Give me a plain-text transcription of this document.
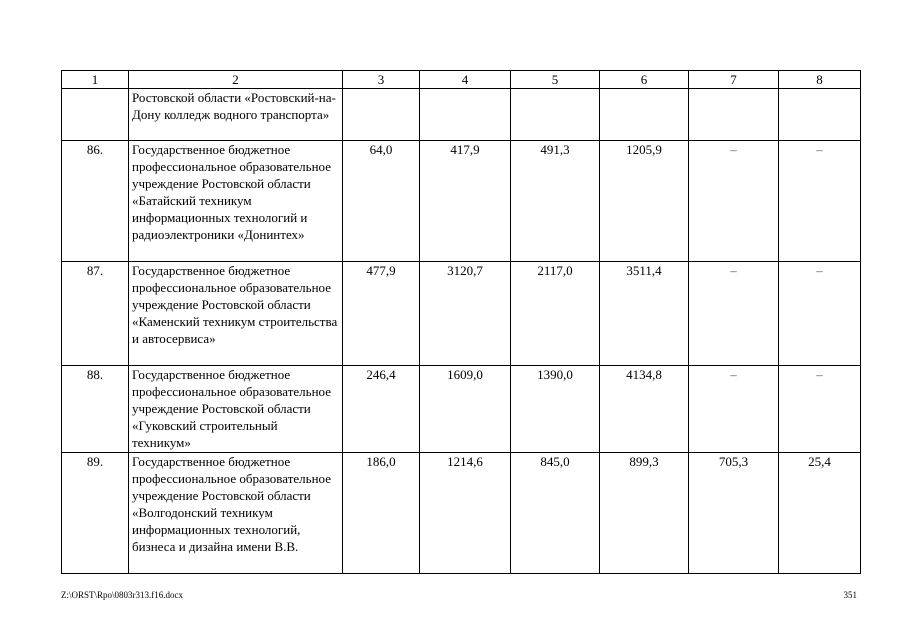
1	2	3	4	5	6	7	8
	Ростовской области «Ростовский-на-Дону колледж водного транспорта»						
86.	Государственное бюджетное профессиональное образовательное учреждение Ростовской области «Батайский техникум информационных технологий и радиоэлектроники «Донинтех»	64,0	417,9	491,3	1205,9	–	–
87.	Государственное бюджетное профессиональное образовательное учреждение Ростовской области «Каменский техникум строительства и автосервиса»	477,9	3120,7	2117,0	3511,4	–	–
88.	Государственное бюджетное профессиональное образовательное учреждение Ростовской области «Гуковский строительный техникум»	246,4	1609,0	1390,0	4134,8	–	–
89.	Государственное бюджетное профессиональное образовательное учреждение Ростовской области «Волгодонский техникум информационных технологий, бизнеса и дизайна имени В.В.	186,0	1214,6	845,0	899,3	705,3	25,4
Z:\ORST\Rpo\0803r313.f16.docx	351
